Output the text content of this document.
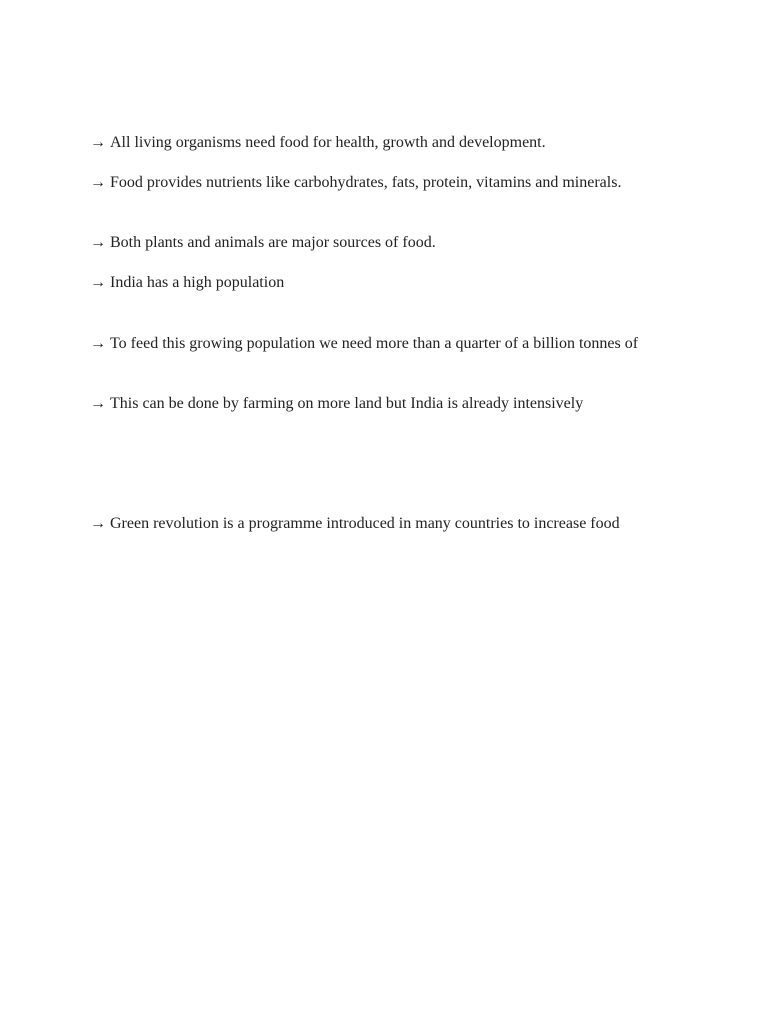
→ All living organisms need food for health, growth and development.
→ Food provides nutrients like carbohydrates, fats, protein, vitamins and minerals.
→ Both plants and animals are major sources of food.
→ India has a high population
→ To feed this growing population we need more than a quarter of a billion tonnes of
→ This can be done by farming on more land but India is already intensively
→ Green revolution is a programme introduced in many countries to increase food
